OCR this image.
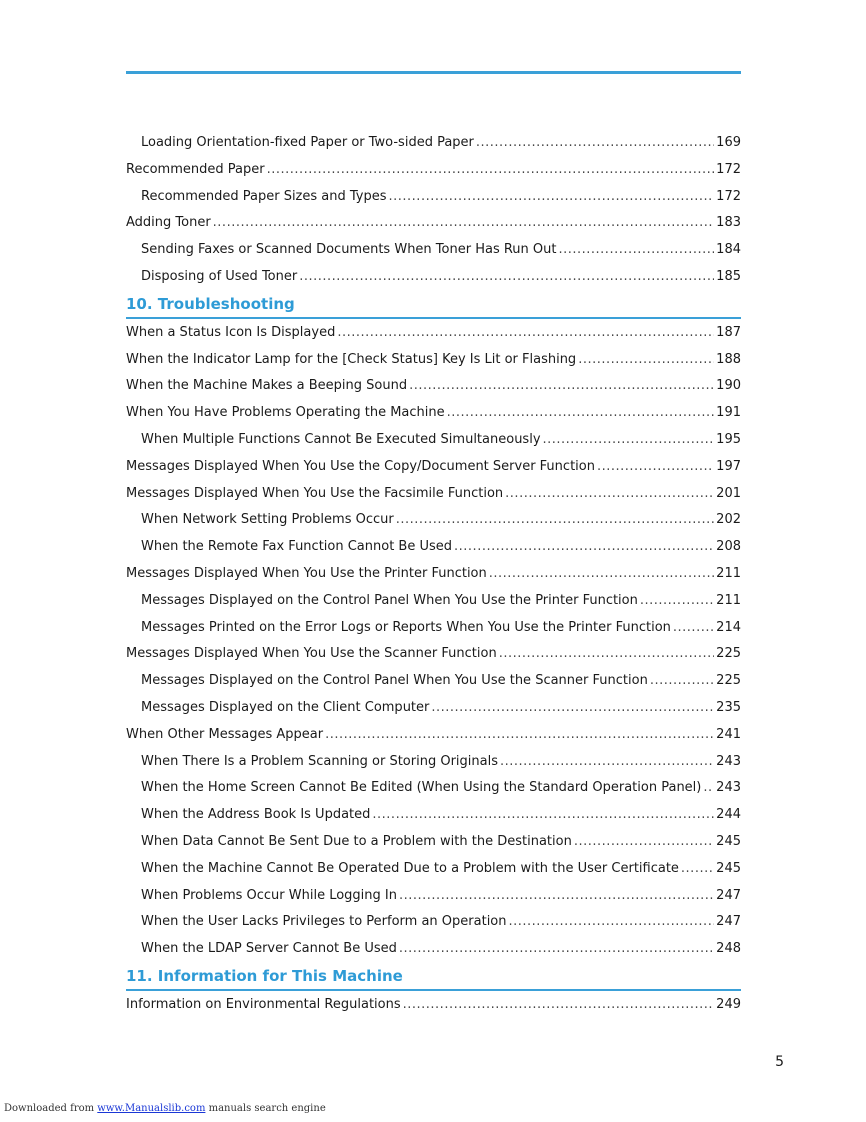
Loading Orientation-fixed Paper or Two-sided Paper .....	169
Recommended Paper .....	172
Recommended Paper Sizes and Types .....	172
Adding Toner .....	183
Sending Faxes or Scanned Documents When Toner Has Run Out .....	184
Disposing of Used Toner .....	185
10. Troubleshooting
When a Status Icon Is Displayed .....	187
When the Indicator Lamp for the [Check Status] Key Is Lit or Flashing .....	188
When the Machine Makes a Beeping Sound .....	190
When You Have Problems Operating the Machine .....	191
When Multiple Functions Cannot Be Executed Simultaneously .....	195
Messages Displayed When You Use the Copy/Document Server Function .....	197
Messages Displayed When You Use the Facsimile Function .....	201
When Network Setting Problems Occur .....	202
When the Remote Fax Function Cannot Be Used .....	208
Messages Displayed When You Use the Printer Function .....	211
Messages Displayed on the Control Panel When You Use the Printer Function .....	211
Messages Printed on the Error Logs or Reports When You Use the Printer Function .....	214
Messages Displayed When You Use the Scanner Function .....	225
Messages Displayed on the Control Panel When You Use the Scanner Function .....	225
Messages Displayed on the Client Computer .....	235
When Other Messages Appear .....	241
When There Is a Problem Scanning or Storing Originals .....	243
When the Home Screen Cannot Be Edited (When Using the Standard Operation Panel) ..... 243
When the Address Book Is Updated .....	244
When Data Cannot Be Sent Due to a Problem with the Destination .....	245
When the Machine Cannot Be Operated Due to a Problem with the User Certificate .....	245
When Problems Occur While Logging In .....	247
When the User Lacks Privileges to Perform an Operation .....	247
When the LDAP Server Cannot Be Used .....	248
11. Information for This Machine
Information on Environmental Regulations .....	249
5
Downloaded from www.Manualslib.com manuals search engine
